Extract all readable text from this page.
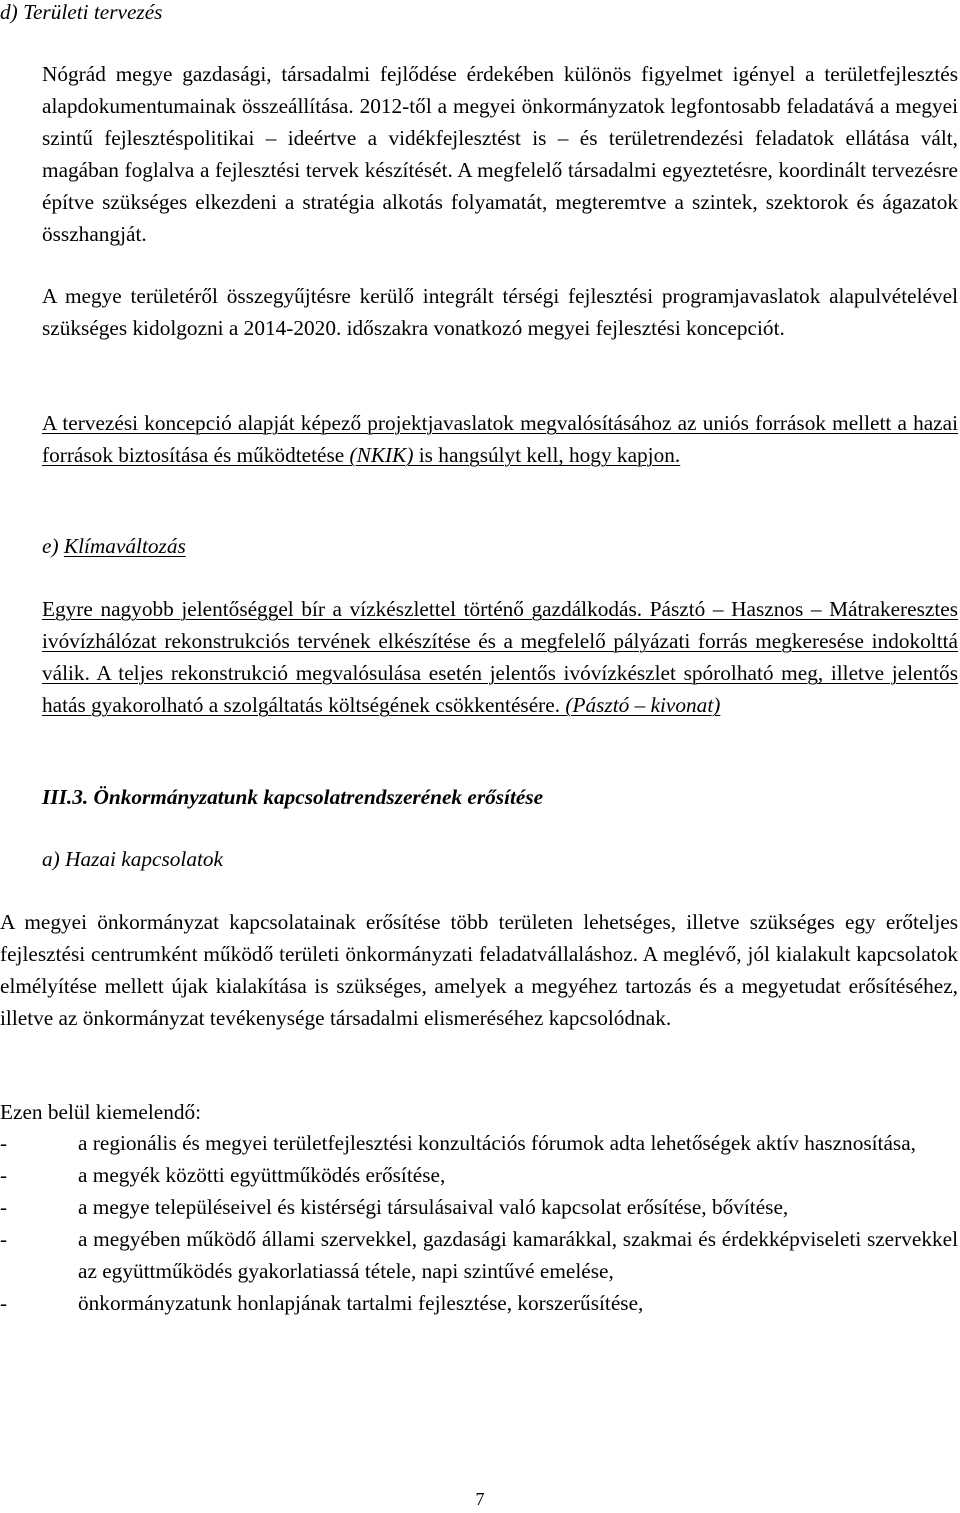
d) Területi tervezés

Nógrád megye gazdasági, társadalmi fejlődése érdekében különös figyelmet igényel a területfejlesztés alapdokumentumainak összeállítása. 2012-től a megyei önkormányzatok legfontosabb feladatává a megyei szintű fejlesztéspolitikai – ideértve a vidékfejlesztést is – és területrendezési feladatok ellátása vált, magában foglalva a fejlesztési tervek készítését. A megfelelő társadalmi egyeztetésre, koordinált tervezésre építve szükséges elkezdeni a stratégia alkotás folyamatát, megteremtve a szintek, szektorok és ágazatok összhangját.

A megye területéről összegyűjtésre kerülő integrált térségi fejlesztési programjavaslatok alapulvételével szükséges kidolgozni a 2014-2020. időszakra vonatkozó megyei fejlesztési koncepciót.

A tervezési koncepció alapját képező projektjavaslatok megvalósításához az uniós források mellett a hazai források biztosítása és működtetése (NKIK) is hangsúlyt kell, hogy kapjon.

e) Klímaváltozás

Egyre nagyobb jelentőséggel bír a vízkészlettel történő gazdálkodás. Pásztó – Hasznos – Mátrakeresztes ivóvízhálózat rekonstrukciós tervének elkészítése és a megfelelő pályázati forrás megkeresése indokolttá válik. A teljes rekonstrukció megvalósulása esetén jelentős ivóvízkészlet spórolható meg, illetve jelentős hatás gyakorolható a szolgáltatás költségének csökkentésére. (Pásztó – kivonat)

III.3. Önkormányzatunk kapcsolatrendszerének erősítése
a) Hazai kapcsolatok

A megyei önkormányzat kapcsolatainak erősítése több területen lehetséges, illetve szükséges egy erőteljes fejlesztési centrumként működő területi önkormányzati feladatvállaláshoz. A meglévő, jól kialakult kapcsolatok elmélyítése mellett újak kialakítása is szükséges, amelyek a megyéhez tartozás és a megyetudat erősítéséhez, illetve az önkormányzat tevékenysége társadalmi elismeréséhez kapcsolódnak.

Ezen belül kiemelendő:

-	a regionális és megyei területfejlesztési konzultációs fórumok adta lehetőségek aktív hasznosítása,
-	a megyék közötti együttműködés erősítése,
-	a megye településeivel és kistérségi társulásaival való kapcsolat erősítése, bővítése,
-	a megyében működő állami szervekkel, gazdasági kamarákkal, szakmai és érdekképviseleti szervekkel az együttműködés gyakorlatiassá tétele, napi szintűvé emelése,
-	önkormányzatunk honlapjának tartalmi fejlesztése, korszerűsítése,
7
